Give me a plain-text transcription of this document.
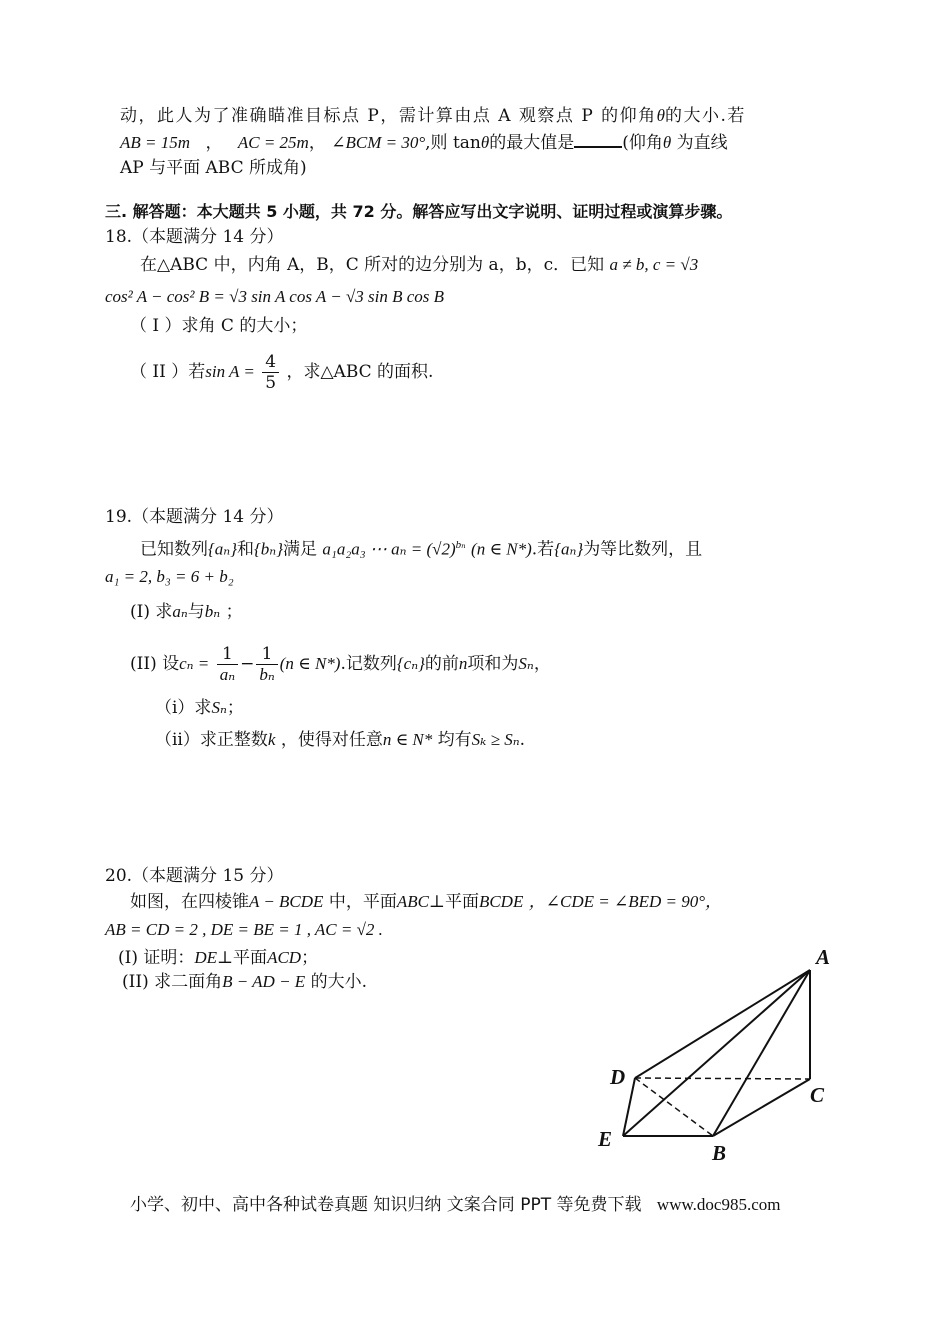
动，此人为了准确瞄准目标点 P，需计算由点 A 观察点 P 的仰角θ的大小.若
AB = 15m ， AC = 25m， ∠BCM = 30°,则 tanθ的最大值是	(仰角θ 为直线
AP 与平面 ABC 所成角)
三. 解答题：本大题共 5 小题，共 72 分。解答应写出文字说明、证明过程或演算步骤。
18.（本题满分 14 分）
在△ABC 中，内角 A，B，C 所对的边分别为 a，b，c．已知 a ≠ b, c = √3
cos² A − cos² B = √3 sin A cos A − √3 sin B cos B
（ I ）求角 C 的大小；
（ II ）若$\sin A = \frac{4}{5}$ ，求△ABC 的面积.
19.（本题满分 14 分）
已知数列{aₙ}和{bₙ}满足 a₁a₂a₃ ⋯ $a_n = (√2)^{b_n}$ (n ∈ N*).若{aₙ}为等比数列，且
a₁ = 2, b₃ = 6 + b₂
(I) 求aₙ与bₙ ；
(II) 设$c_n = \frac{1}{\text{aₙ}} - \frac{1}{\text{bₙ}} (n$ ∈ N*).记数列{cₙ}的前n项和为Sₙ，
（i）求Sₙ；
（ii）求正整数k ，使得对任意n ∈ N* 均有Sₖ ≥ Sₙ.
20.（本题满分 15 分）
如图，在四棱锥A − BCDE 中，平面ABC⊥平面BCDE ，∠CDE = ∠BED = 90°，
AB = CD = 2 , DE = BE = 1 , AC = √2 .
(I) 证明：DE⊥平面ACD；
(II) 求二面角B − AD − E 的大小.
A
D
C
E
B
小学、初中、高中各种试卷真题 知识归纳 文案合同 PPT 等免费下载 www.doc985.com
